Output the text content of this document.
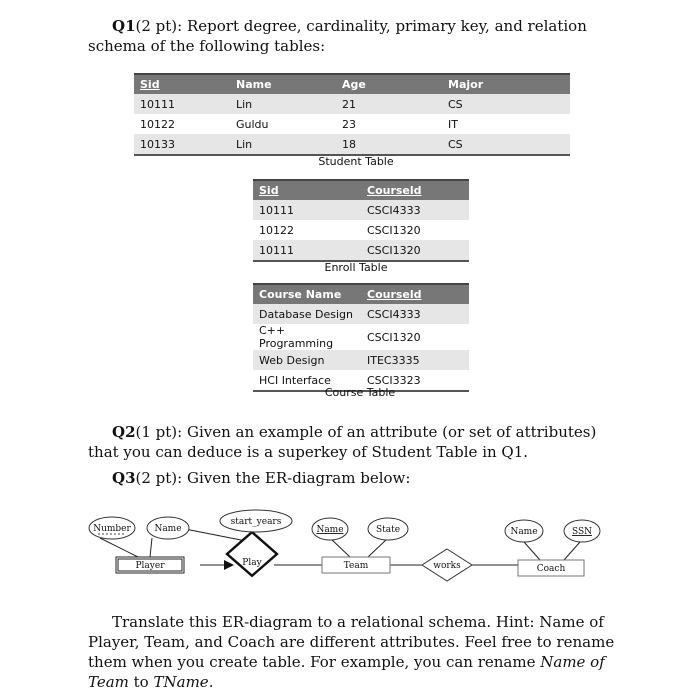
Q1(2 pt): Report degree, cardinality, primary key, and relation schema of the following tables:
Sid	Name	Age	Major
10111	Lin	21	CS
10122	Guldu	23	IT
10133	Lin	18	CS
Student Table
Sid	Courseld
10111	CSCI4333
10122	CSCI1320
10111	CSCI1320
Enroll Table
Course Name	Courseld
Database Design	CSCI4333
C++ Programming	CSCI1320
Web Design	ITEC3335
HCI Interface	CSCI3323
Course Table
Q2(1 pt): Given an example of an attribute (or set of attributes) that you can deduce is a superkey of Student Table in Q1.
Q3(2 pt): Given the ER-diagram below:
Number	Name
Player	Play
start_years
Name	State
Team	works
Name	SSN
Coach
Translate this ER-diagram to a relational schema. Hint: Name of Player, Team, and Coach are different attributes. Feel free to rename them when you create table. For example, you can rename Name of Team to TName.
